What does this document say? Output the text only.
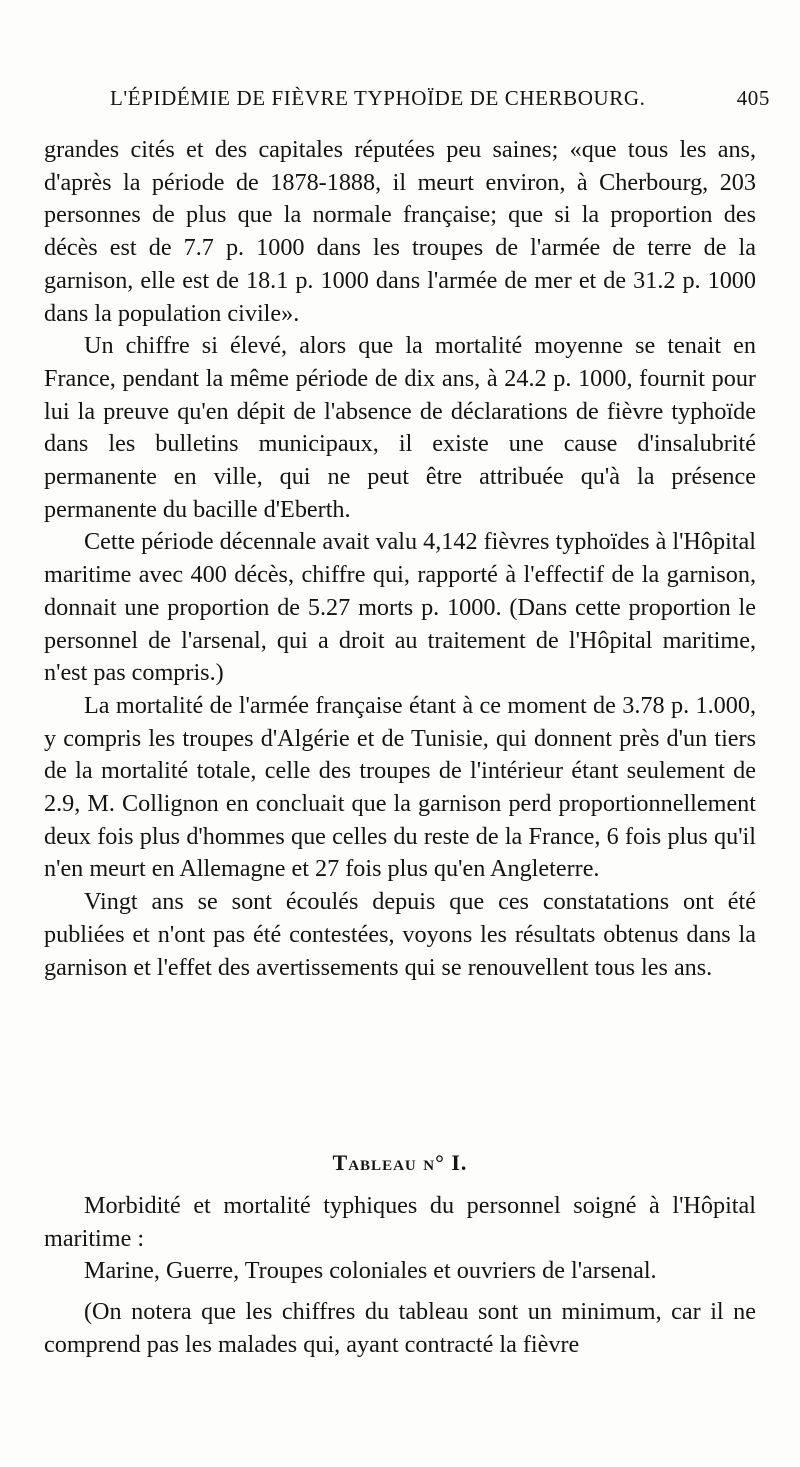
L'ÉPIDÉMIE DE FIÈVRE TYPHOÏDE DE CHERBOURG.	405

grandes cités et des capitales réputées peu saines; «que tous les ans, d'après la période de 1878-1888, il meurt environ, à Cherbourg, 203 personnes de plus que la normale française; que si la proportion des décès est de 7.7 p. 1000 dans les troupes de l'armée de terre de la garnison, elle est de 18.1 p. 1000 dans l'armée de mer et de 31.2 p. 1000 dans la population civile».

Un chiffre si élevé, alors que la mortalité moyenne se tenait en France, pendant la même période de dix ans, à 24.2 p. 1000, fournit pour lui la preuve qu'en dépit de l'absence de déclarations de fièvre typhoïde dans les bulletins municipaux, il existe une cause d'insalubrité permanente en ville, qui ne peut être attribuée qu'à la présence permanente du bacille d'Eberth.

Cette période décennale avait valu 4,142 fièvres typhoïdes à l'Hôpital maritime avec 400 décès, chiffre qui, rapporté à l'effectif de la garnison, donnait une proportion de 5.27 morts p. 1000. (Dans cette proportion le personnel de l'arsenal, qui a droit au traitement de l'Hôpital maritime, n'est pas compris.)

La mortalité de l'armée française étant à ce moment de 3.78 p. 1.000, y compris les troupes d'Algérie et de Tunisie, qui donnent près d'un tiers de la mortalité totale, celle des troupes de l'intérieur étant seulement de 2.9, M. Collignon en concluait que la garnison perd proportionnellement deux fois plus d'hommes que celles du reste de la France, 6 fois plus qu'il n'en meurt en Allemagne et 27 fois plus qu'en Angleterre.

Vingt ans se sont écoulés depuis que ces constatations ont été publiées et n'ont pas été contestées, voyons les résultats obtenus dans la garnison et l'effet des avertissements qui se renouvellent tous les ans.

Tableau n° I.

Morbidité et mortalité typhiques du personnel soigné à l'Hôpital maritime :

Marine, Guerre, Troupes coloniales et ouvriers de l'arsenal.

(On notera que les chiffres du tableau sont un minimum, car il ne comprend pas les malades qui, ayant contracté la fièvre
